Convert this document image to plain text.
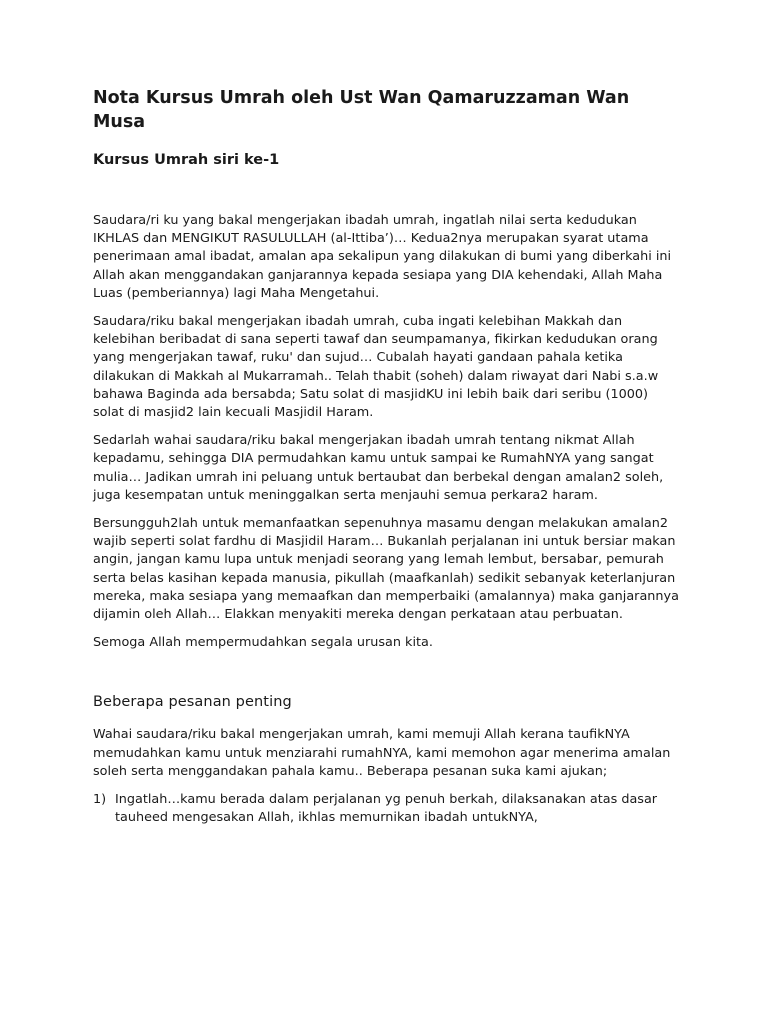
Nota Kursus Umrah oleh Ust Wan Qamaruzzaman Wan Musa
Kursus Umrah siri ke-1

Saudara/ri ku yang bakal mengerjakan ibadah umrah, ingatlah nilai serta kedudukan IKHLAS dan MENGIKUT RASULULLAH (al-Ittiba’)… Kedua2nya merupakan syarat utama penerimaan amal ibadat, amalan apa sekalipun yang dilakukan di bumi yang diberkahi ini Allah akan menggandakan ganjarannya kepada sesiapa yang DIA kehendaki, Allah Maha Luas (pemberiannya) lagi Maha Mengetahui.

Saudara/riku bakal mengerjakan ibadah umrah, cuba ingati kelebihan Makkah dan kelebihan beribadat di sana seperti tawaf dan seumpamanya, fikirkan kedudukan orang yang mengerjakan tawaf, ruku' dan sujud… Cubalah hayati gandaan pahala ketika dilakukan di Makkah al Mukarramah.. Telah thabit (soheh) dalam riwayat dari Nabi s.a.w bahawa Baginda ada bersabda; Satu solat di masjidKU ini lebih baik dari seribu (1000) solat di masjid2 lain kecuali Masjidil Haram.

Sedarlah wahai saudara/riku bakal mengerjakan ibadah umrah tentang nikmat Allah kepadamu, sehingga DIA permudahkan kamu untuk sampai ke RumahNYA yang sangat mulia… Jadikan umrah ini peluang untuk bertaubat dan berbekal dengan amalan2 soleh, juga kesempatan untuk meninggalkan serta menjauhi semua perkara2 haram.

Bersungguh2lah untuk memanfaatkan sepenuhnya masamu dengan melakukan amalan2 wajib seperti solat fardhu di Masjidil Haram… Bukanlah perjalanan ini untuk bersiar makan angin, jangan kamu lupa untuk menjadi seorang yang lemah lembut, bersabar, pemurah serta belas kasihan kepada manusia, pikullah (maafkanlah) sedikit sebanyak keterlanjuran mereka, maka sesiapa yang memaafkan dan memperbaiki (amalannya) maka ganjarannya dijamin oleh Allah… Elakkan menyakiti mereka dengan perkataan atau perbuatan.

Semoga Allah mempermudahkan segala urusan kita.

Beberapa pesanan penting

Wahai saudara/riku bakal mengerjakan umrah, kami memuji Allah kerana taufikNYA memudahkan kamu untuk menziarahi rumahNYA, kami memohon agar menerima amalan soleh serta menggandakan pahala kamu.. Beberapa pesanan suka kami ajukan;

1) Ingatlah…kamu berada dalam perjalanan yg penuh berkah, dilaksanakan atas dasar tauheed mengesakan Allah, ikhlas memurnikan ibadah untukNYA,
